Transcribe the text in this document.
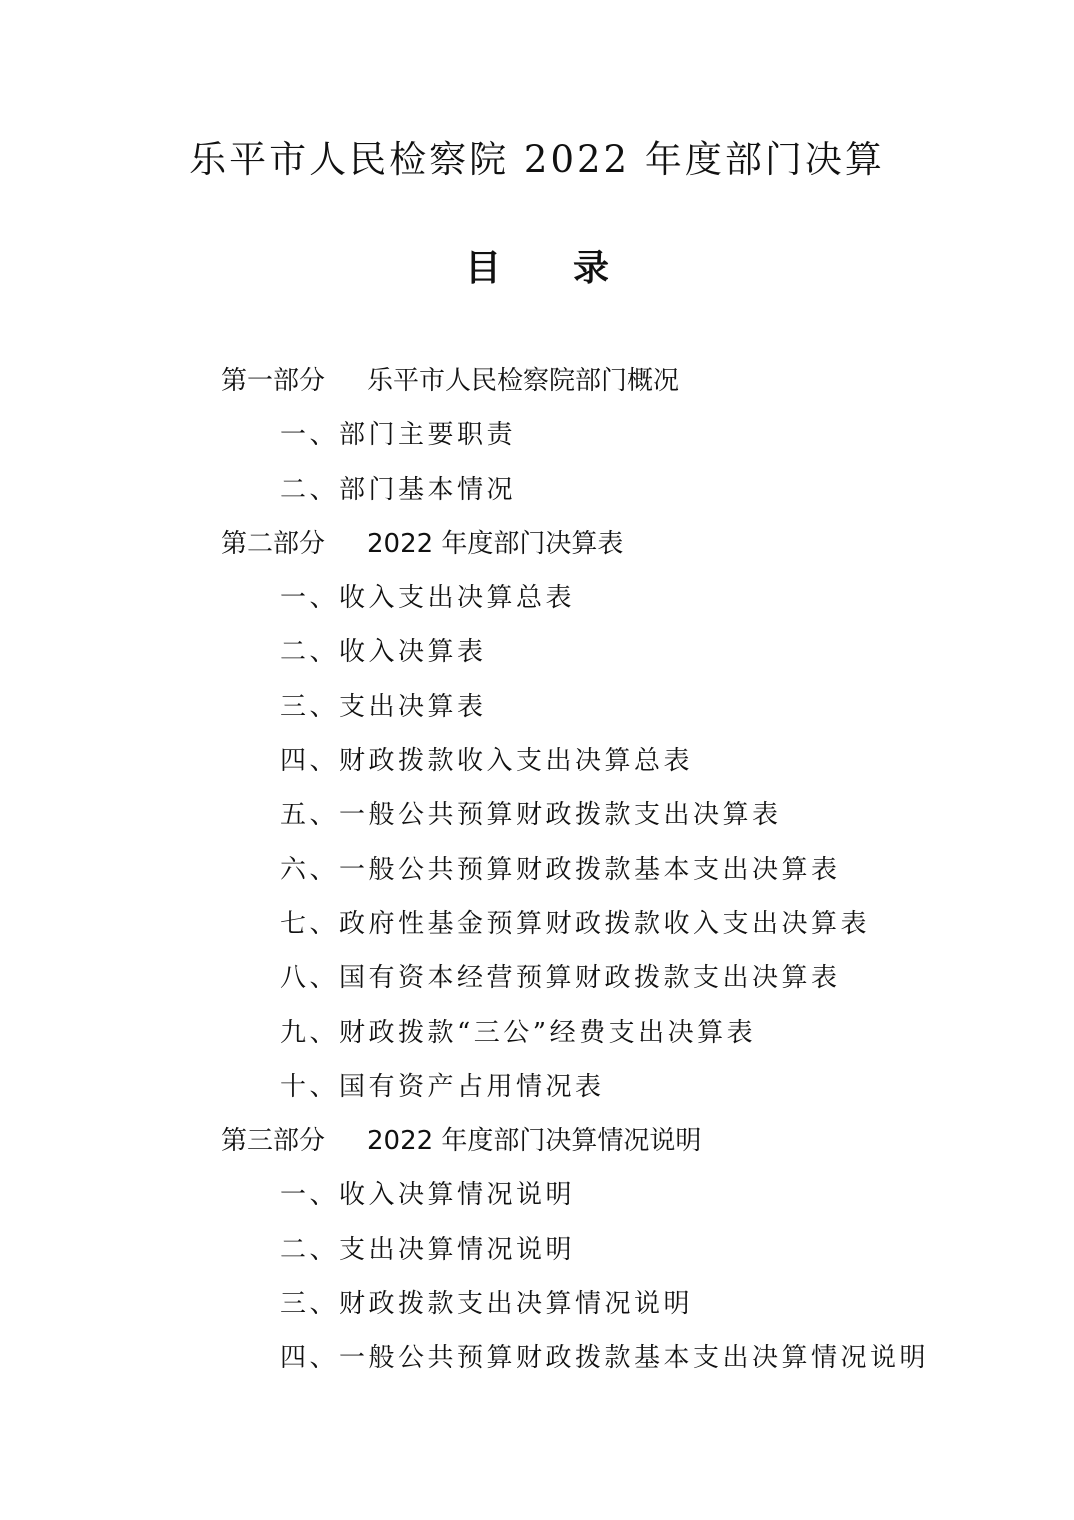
乐平市人民检察院 2022 年度部门决算
目 录
第一部分 乐平市人民检察院部门概况
一、部门主要职责
二、部门基本情况
第二部分 2022 年度部门决算表
一、收入支出决算总表
二、收入决算表
三、支出决算表
四、财政拨款收入支出决算总表
五、一般公共预算财政拨款支出决算表
六、一般公共预算财政拨款基本支出决算表
七、政府性基金预算财政拨款收入支出决算表
八、国有资本经营预算财政拨款支出决算表
九、财政拨款“三公”经费支出决算表
十、国有资产占用情况表
第三部分 2022 年度部门决算情况说明
一、收入决算情况说明
二、支出决算情况说明
三、财政拨款支出决算情况说明
四、一般公共预算财政拨款基本支出决算情况说明
